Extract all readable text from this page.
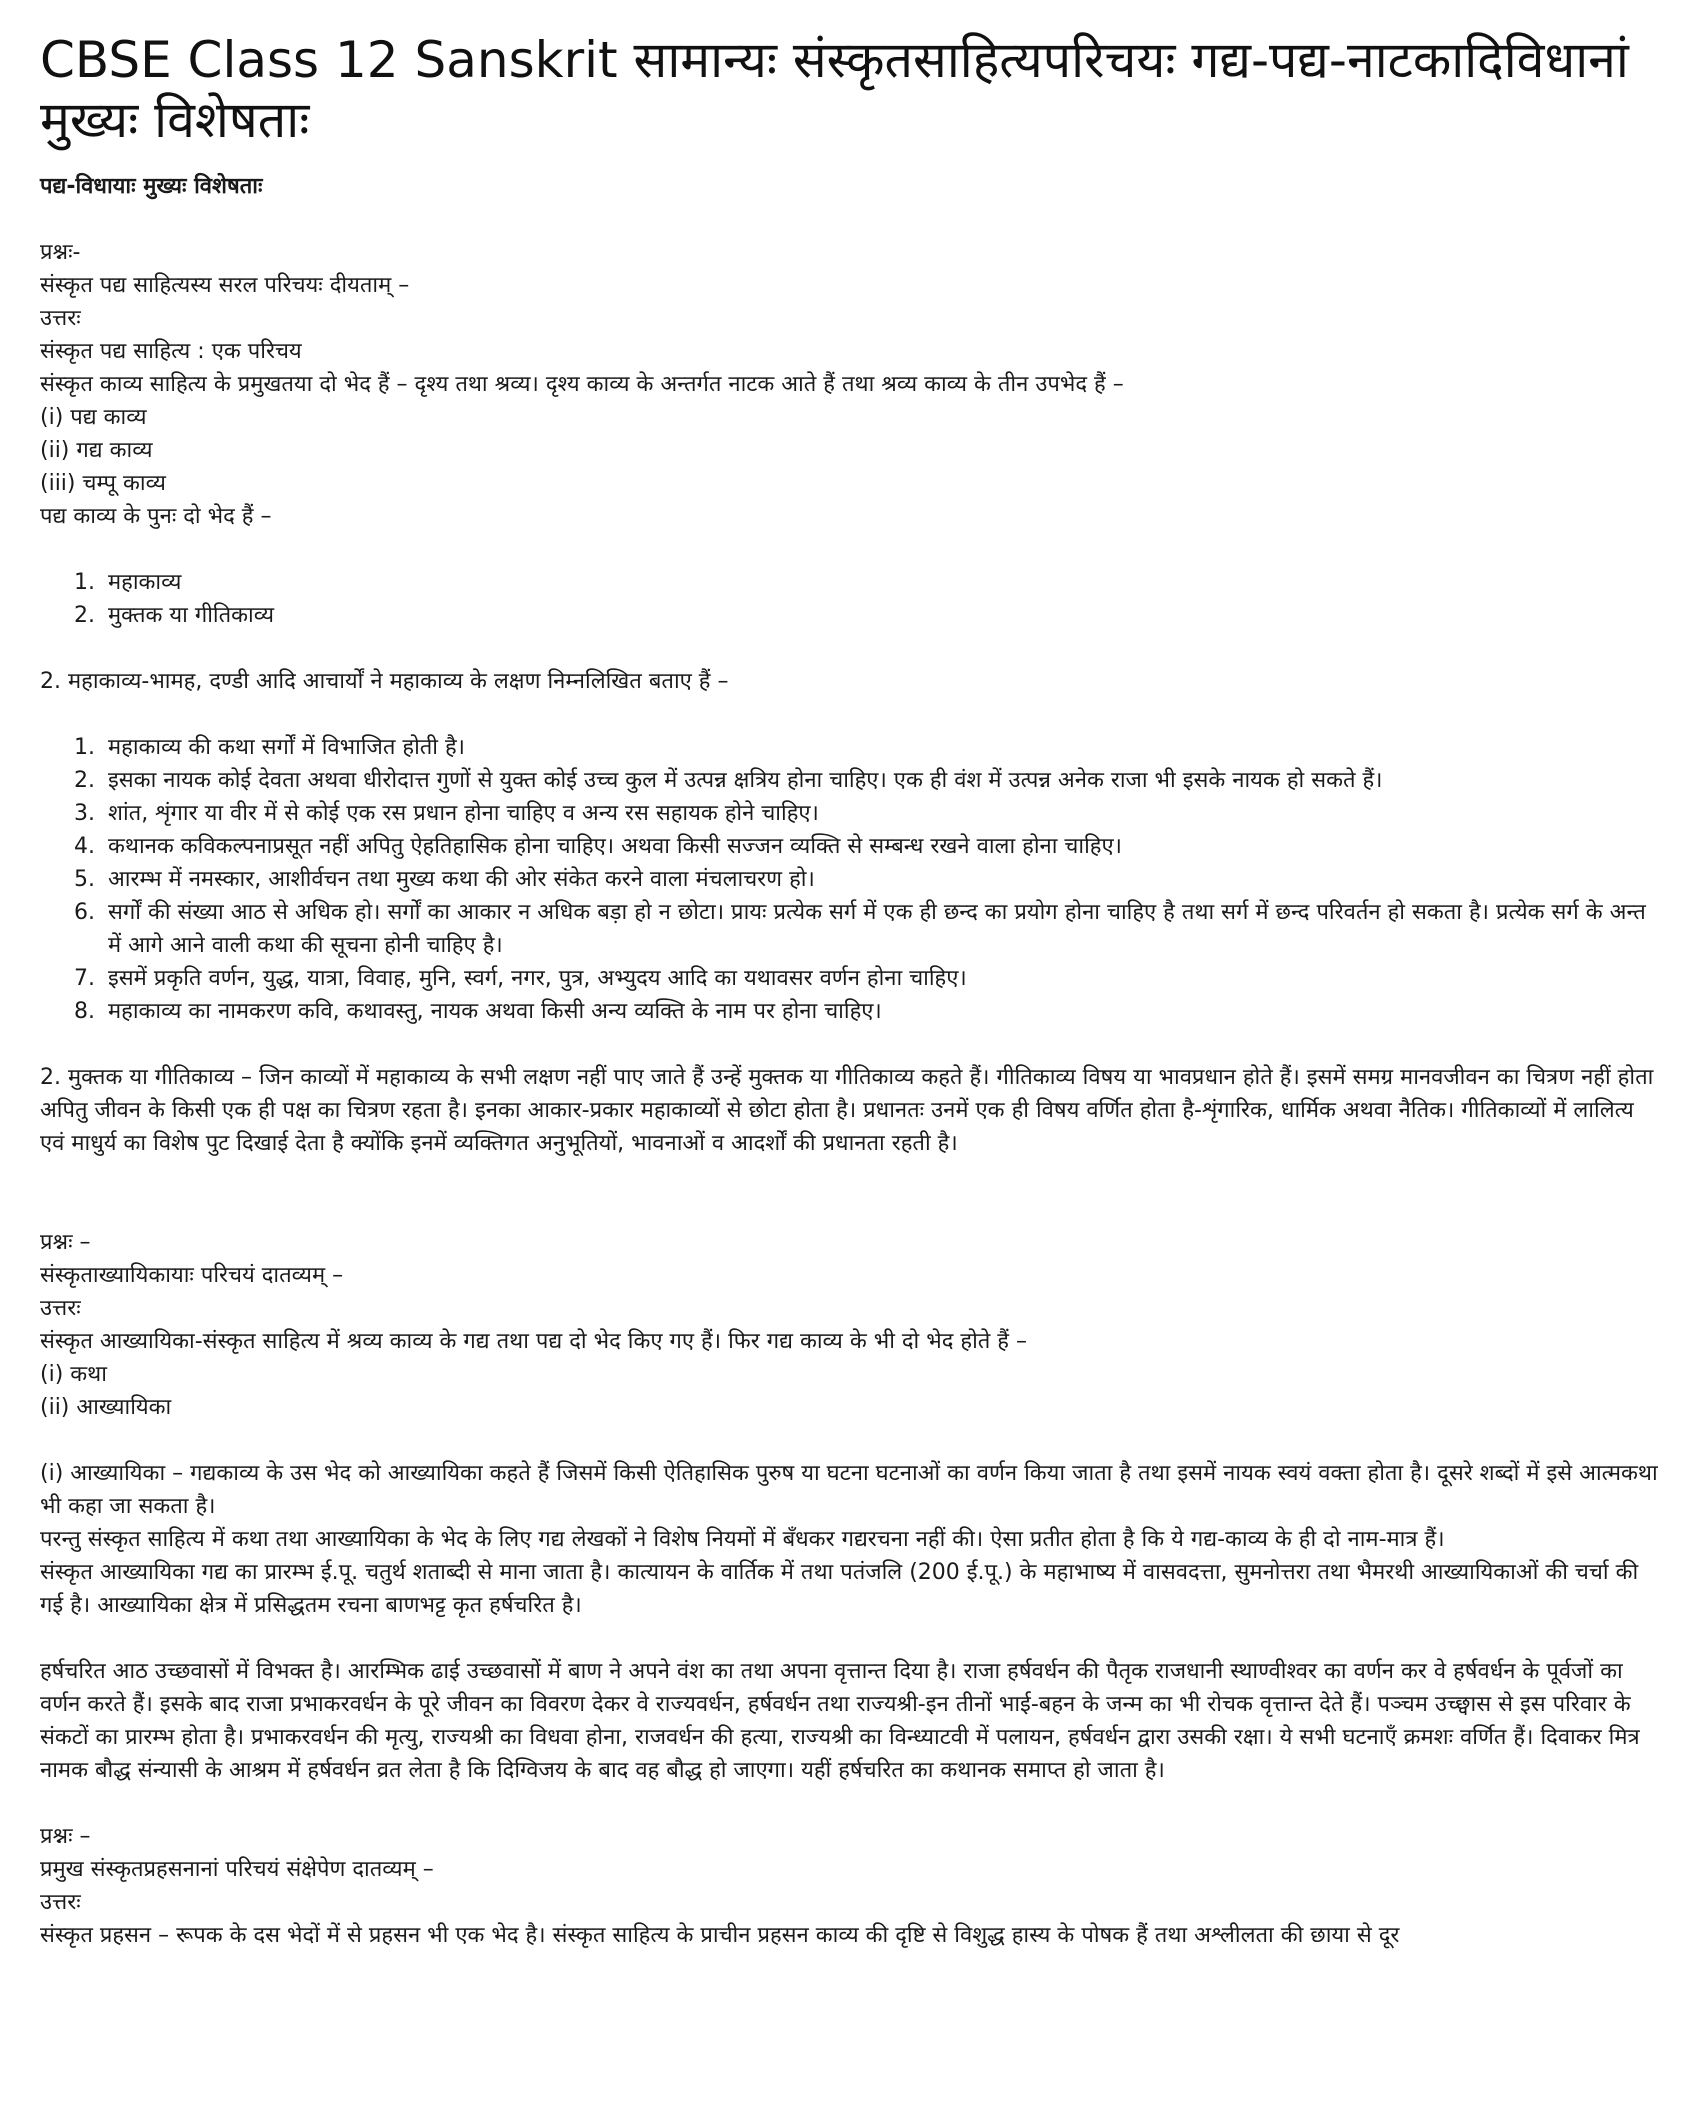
CBSE Class 12 Sanskrit सामान्यः संस्कृतसाहित्यपरिचयः गद्य-पद्य-नाटकादिविधानां मुख्यः विशेषताः
पद्य-विधायाः मुख्यः विशेषताः

प्रश्नः-

संस्कृत पद्य साहित्यस्य सरल परिचयः दीयताम् –

उत्तरः

संस्कृत पद्य साहित्य : एक परिचय

संस्कृत काव्य साहित्य के प्रमुखतया दो भेद हैं – दृश्य तथा श्रव्य। दृश्य काव्य के अन्तर्गत नाटक आते हैं तथा श्रव्य काव्य के तीन उपभेद हैं –

(i) पद्य काव्य

(ii) गद्य काव्य

(iii) चम्पू काव्य

पद्य काव्य के पुनः दो भेद हैं –

1. महाकाव्य
2. मुक्तक या गीतिकाव्य

2. महाकाव्य-भामह, दण्डी आदि आचार्यों ने महाकाव्य के लक्षण निम्नलिखित बताए हैं –

1. महाकाव्य की कथा सर्गों में विभाजित होती है।
2. इसका नायक कोई देवता अथवा धीरोदात्त गुणों से युक्त कोई उच्च कुल में उत्पन्न क्षत्रिय होना चाहिए। एक ही वंश में उत्पन्न अनेक राजा भी इसके नायक हो सकते हैं।
3. शांत, शृंगार या वीर में से कोई एक रस प्रधान होना चाहिए व अन्य रस सहायक होने चाहिए।
4. कथानक कविकल्पनाप्रसूत नहीं अपितु ऐहतिहासिक होना चाहिए। अथवा किसी सज्जन व्यक्ति से सम्बन्ध रखने वाला होना चाहिए।
5. आरम्भ में नमस्कार, आशीर्वचन तथा मुख्य कथा की ओर संकेत करने वाला मंचलाचरण हो।
6. सर्गों की संख्या आठ से अधिक हो। सर्गों का आकार न अधिक बड़ा हो न छोटा। प्रायः प्रत्येक सर्ग में एक ही छन्द का प्रयोग होना चाहिए है तथा सर्ग में छन्द परिवर्तन हो सकता है। प्रत्येक सर्ग के अन्त में आगे आने वाली कथा की सूचना होनी चाहिए है।
7. इसमें प्रकृति वर्णन, युद्ध, यात्रा, विवाह, मुनि, स्वर्ग, नगर, पुत्र, अभ्युदय आदि का यथावसर वर्णन होना चाहिए।
8. महाकाव्य का नामकरण कवि, कथावस्तु, नायक अथवा किसी अन्य व्यक्ति के नाम पर होना चाहिए।

2. मुक्तक या गीतिकाव्य – जिन काव्यों में महाकाव्य के सभी लक्षण नहीं पाए जाते हैं उन्हें मुक्तक या गीतिकाव्य कहते हैं। गीतिकाव्य विषय या भावप्रधान होते हैं। इसमें समग्र मानवजीवन का चित्रण नहीं होता अपितु जीवन के किसी एक ही पक्ष का चित्रण रहता है। इनका आकार-प्रकार महाकाव्यों से छोटा होता है। प्रधानतः उनमें एक ही विषय वर्णित होता है-शृंगारिक, धार्मिक अथवा नैतिक। गीतिकाव्यों में लालित्य एवं माधुर्य का विशेष पुट दिखाई देता है क्योंकि इनमें व्यक्तिगत अनुभूतियों, भावनाओं व आदर्शों की प्रधानता रहती है।

प्रश्नः –

संस्कृताख्यायिकायाः परिचयं दातव्यम् –

उत्तरः

संस्कृत आख्यायिका-संस्कृत साहित्य में श्रव्य काव्य के गद्य तथा पद्य दो भेद किए गए हैं। फिर गद्य काव्य के भी दो भेद होते हैं –

(i) कथा

(ii) आख्यायिका

(i) आख्यायिका – गद्यकाव्य के उस भेद को आख्यायिका कहते हैं जिसमें किसी ऐतिहासिक पुरुष या घटना घटनाओं का वर्णन किया जाता है तथा इसमें नायक स्वयं वक्ता होता है। दूसरे शब्दों में इसे आत्मकथा भी कहा जा सकता है।

परन्तु संस्कृत साहित्य में कथा तथा आख्यायिका के भेद के लिए गद्य लेखकों ने विशेष नियमों में बँधकर गद्यरचना नहीं की। ऐसा प्रतीत होता है कि ये गद्य-काव्य के ही दो नाम-मात्र हैं।

संस्कृत आख्यायिका गद्य का प्रारम्भ ई.पू. चतुर्थ शताब्दी से माना जाता है। कात्यायन के वार्तिक में तथा पतंजलि (200 ई.पू.) के महाभाष्य में वासवदत्ता, सुमनोत्तरा तथा भैमरथी आख्यायिकाओं की चर्चा की गई है। आख्यायिका क्षेत्र में प्रसिद्धतम रचना बाणभट्ट कृत हर्षचरित है।

हर्षचरित आठ उच्छवासों में विभक्त है। आरम्भिक ढाई उच्छवासों में बाण ने अपने वंश का तथा अपना वृत्तान्त दिया है। राजा हर्षवर्धन की पैतृक राजधानी स्थाण्वीश्वर का वर्णन कर वे हर्षवर्धन के पूर्वजों का वर्णन करते हैं। इसके बाद राजा प्रभाकरवर्धन के पूरे जीवन का विवरण देकर वे राज्यवर्धन, हर्षवर्धन तथा राज्यश्री-इन तीनों भाई-बहन के जन्म का भी रोचक वृत्तान्त देते हैं। पञ्चम उच्छ्वास से इस परिवार के संकटों का प्रारम्भ होता है। प्रभाकरवर्धन की मृत्यु, राज्यश्री का विधवा होना, राजवर्धन की हत्या, राज्यश्री का विन्ध्याटवी में पलायन, हर्षवर्धन द्वारा उसकी रक्षा। ये सभी घटनाएँ क्रमशः वर्णित हैं। दिवाकर मित्र नामक बौद्ध संन्यासी के आश्रम में हर्षवर्धन व्रत लेता है कि दिग्विजय के बाद वह बौद्ध हो जाएगा। यहीं हर्षचरित का कथानक समाप्त हो जाता है।

प्रश्नः –

प्रमुख संस्कृतप्रहसनानां परिचयं संक्षेपेण दातव्यम् –

उत्तरः

संस्कृत प्रहसन – रूपक के दस भेदों में से प्रहसन भी एक भेद है। संस्कृत साहित्य के प्राचीन प्रहसन काव्य की दृष्टि से विशुद्ध हास्य के पोषक हैं तथा अश्लीलता की छाया से दूर
